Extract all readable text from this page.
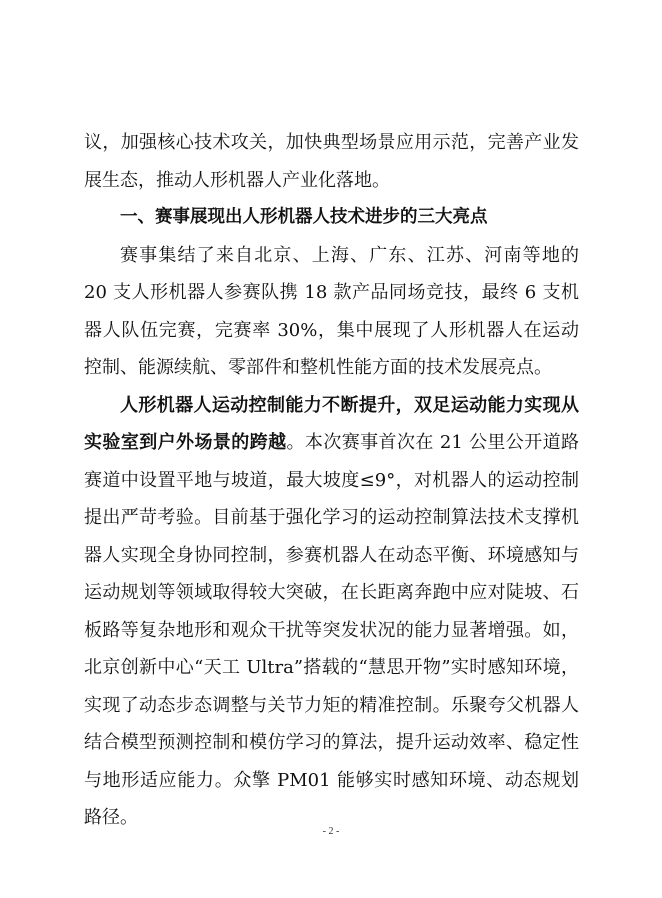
议，加强核心技术攻关，加快典型场景应用示范，完善产业发展生态，推动人形机器人产业化落地。

一、赛事展现出人形机器人技术进步的三大亮点

赛事集结了来自北京、上海、广东、江苏、河南等地的 20 支人形机器人参赛队携 18 款产品同场竞技，最终 6 支机器人队伍完赛，完赛率 30%，集中展现了人形机器人在运动控制、能源续航、零部件和整机性能方面的技术发展亮点。

人形机器人运动控制能力不断提升，双足运动能力实现从实验室到户外场景的跨越。本次赛事首次在 21 公里公开道路赛道中设置平地与坡道，最大坡度≤9°，对机器人的运动控制提出严苛考验。目前基于强化学习的运动控制算法技术支撑机器人实现全身协同控制，参赛机器人在动态平衡、环境感知与运动规划等领域取得较大突破，在长距离奔跑中应对陡坡、石板路等复杂地形和观众干扰等突发状况的能力显著增强。如，北京创新中心“天工 Ultra”搭载的“慧思开物”实时感知环境，实现了动态步态调整与关节力矩的精准控制。乐聚夸父机器人结合模型预测控制和模仿学习的算法，提升运动效率、稳定性与地形适应能力。众擎 PM01 能够实时感知环境、动态规划路径。

- 2 -
